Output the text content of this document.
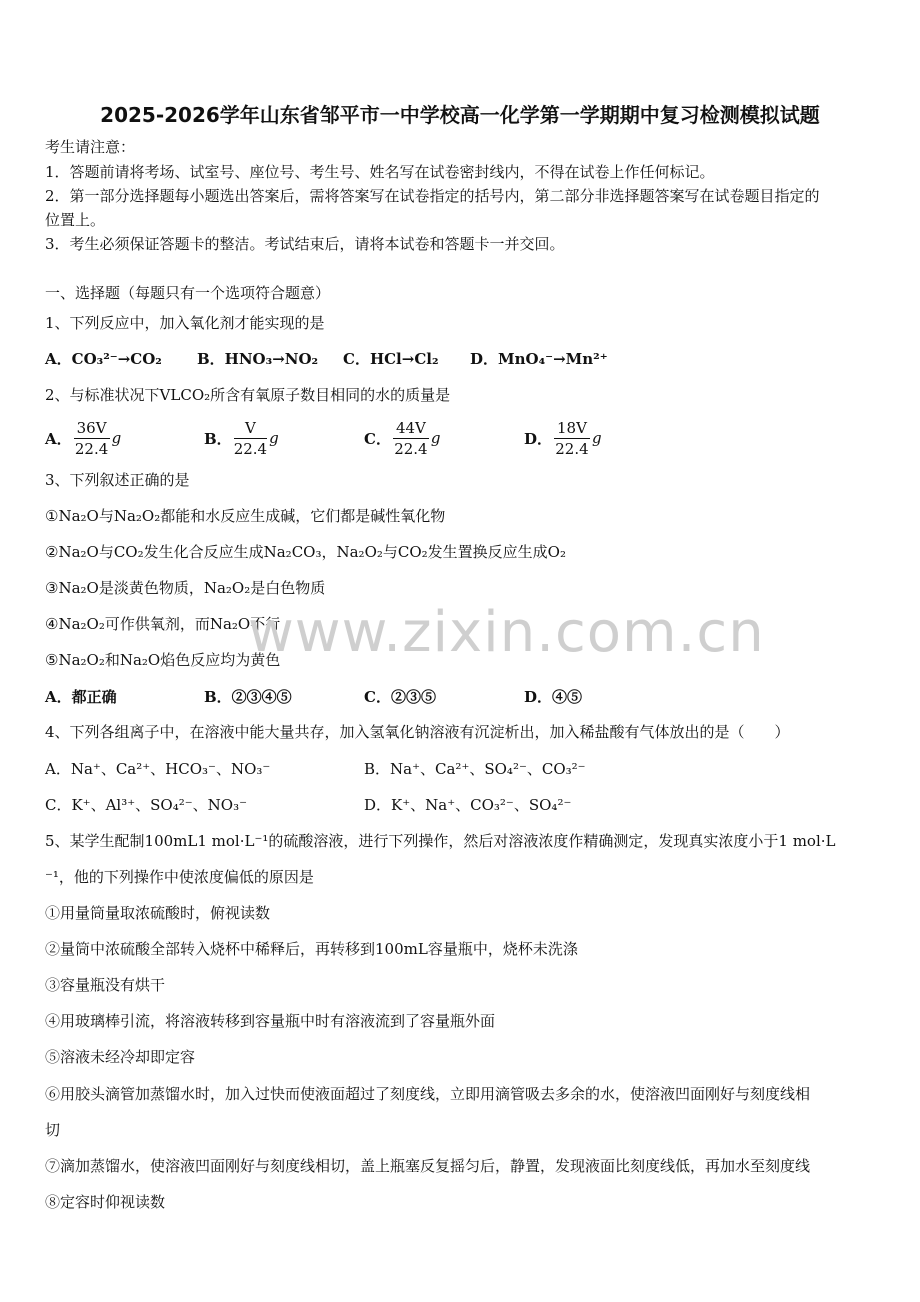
2025-2026学年山东省邹平市一中学校高一化学第一学期期中复习检测模拟试题
考生请注意：
1．答题前请将考场、试室号、座位号、考生号、姓名写在试卷密封线内，不得在试卷上作任何标记。
2．第一部分选择题每小题选出答案后，需将答案写在试卷指定的括号内，第二部分非选择题答案写在试卷题目指定的
位置上。
3．考生必须保证答题卡的整洁。考试结束后，请将本试卷和答题卡一并交回。
一、选择题（每题只有一个选项符合题意）
1、下列反应中，加入氧化剂才能实现的是
A．CO₃²⁻→CO₂ B．HNO₃→NO₂ C．HCl→Cl₂ D．MnO₄⁻→Mn²⁺
2、与标准状况下VLCO₂所含有氧原子数目相同的水的质量是
A． $\frac{36V}{22.4}$ g	B． $\frac{V}{22.4}$ g	C． $\frac{44V}{22.4}$ g	D． $\frac{18V}{22.4}$ g
3、下列叙述正确的是
①Na₂O与Na₂O₂都能和水反应生成碱，它们都是碱性氧化物
②Na₂O与CO₂发生化合反应生成Na₂CO₃，Na₂O₂与CO₂发生置换反应生成O₂
③Na₂O是淡黄色物质，Na₂O₂是白色物质
④Na₂O₂可作供氧剂，而Na₂O不行
⑤Na₂O₂和Na₂O焰色反应均为黄色
A．都正确	B．②③④⑤	C．②③⑤	D．④⑤
4、下列各组离子中，在溶液中能大量共存，加入氢氧化钠溶液有沉淀析出，加入稀盐酸有气体放出的是（　　）
A．Na⁺、Ca²⁺、HCO₃⁻、NO₃⁻	B．Na⁺、Ca²⁺、SO₄²⁻、CO₃²⁻
C．K⁺、Al³⁺、SO₄²⁻、NO₃⁻	D．K⁺、Na⁺、CO₃²⁻、SO₄²⁻
5、某学生配制100mL1 mol·L⁻¹的硫酸溶液，进行下列操作，然后对溶液浓度作精确测定，发现真实浓度小于1 mol·L
⁻¹，他的下列操作中使浓度偏低的原因是
①用量筒量取浓硫酸时，俯视读数
②量筒中浓硫酸全部转入烧杯中稀释后，再转移到100mL容量瓶中，烧杯未洗涤
③容量瓶没有烘干
④用玻璃棒引流，将溶液转移到容量瓶中时有溶液流到了容量瓶外面
⑤溶液未经冷却即定容
⑥用胶头滴管加蒸馏水时，加入过快而使液面超过了刻度线，立即用滴管吸去多余的水，使溶液凹面刚好与刻度线相
切
⑦滴加蒸馏水，使溶液凹面刚好与刻度线相切，盖上瓶塞反复摇匀后，静置，发现液面比刻度线低，再加水至刻度线
⑧定容时仰视读数
www.zixin.com.cn
